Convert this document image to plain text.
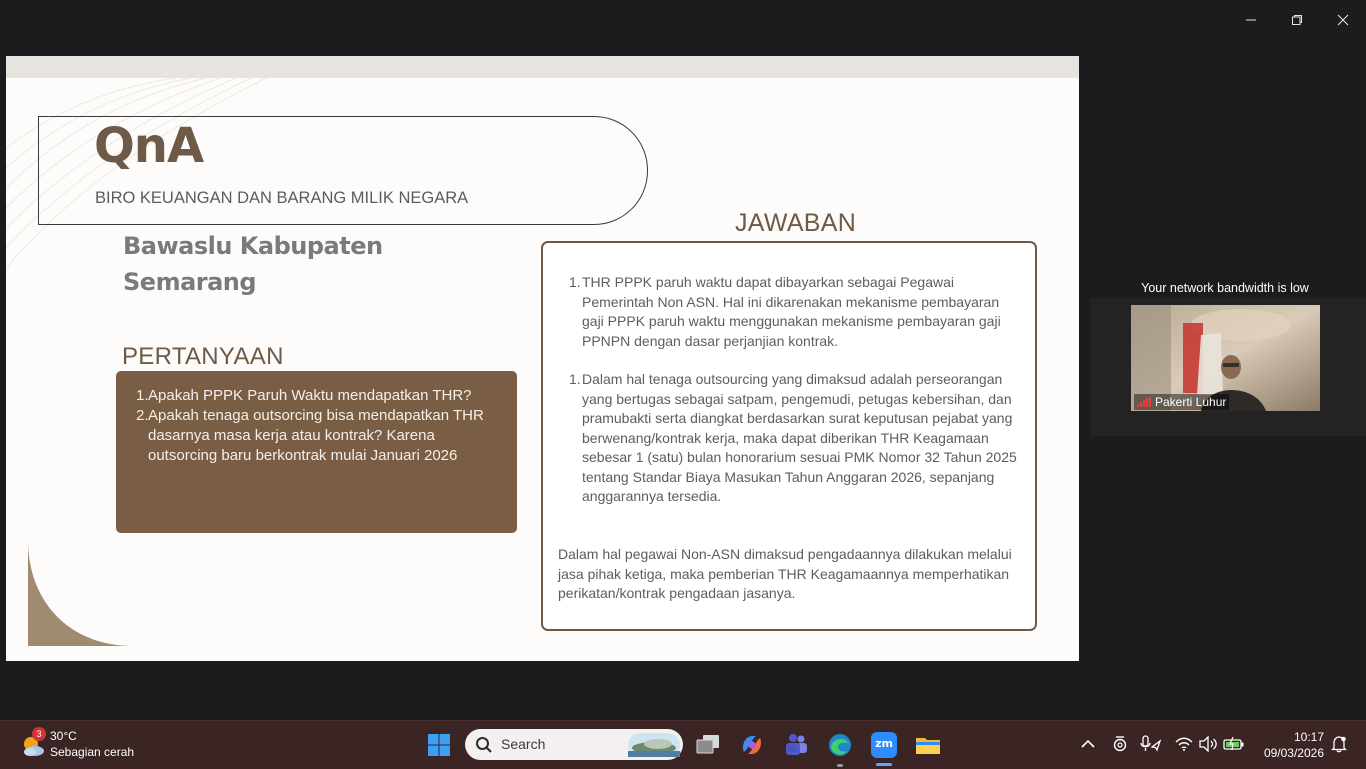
QnA
BIRO KEUANGAN DAN BARANG MILIK NEGARA
Bawaslu Kabupaten
Semarang
PERTANYAAN
1. Apakah PPPK Paruh Waktu mendapatkan THR?
2. Apakah tenaga outsorcing bisa mendapatkan THR dasarnya masa kerja atau kontrak? Karena outsorcing baru berkontrak mulai Januari 2026
JAWABAN
1. THR PPPK paruh waktu dapat dibayarkan sebagai Pegawai Pemerintah Non ASN. Hal ini dikarenakan mekanisme pembayaran gaji PPPK paruh waktu menggunakan mekanisme pembayaran gaji PPNPN dengan dasar perjanjian kontrak.
1. Dalam hal tenaga outsourcing yang dimaksud adalah perseorangan yang bertugas sebagai satpam, pengemudi, petugas kebersihan, dan pramubakti serta diangkat berdasarkan surat keputusan pejabat yang berwenang/kontrak kerja, maka dapat diberikan THR Keagamaan sebesar 1 (satu) bulan honorarium sesuai PMK Nomor 32 Tahun 2025 tentang Standar Biaya Masukan Tahun Anggaran 2026, sepanjang anggarannya tersedia.
Dalam hal pegawai Non-ASN dimaksud pengadaannya dilakukan melalui jasa pihak ketiga, maka pemberian THR Keagamaannya memperhatikan perikatan/kontrak pengadaan jasanya.
Your network bandwidth is low
Pakerti Luhur
3 30°C
Sebagian cerah	Search	zm	10:17
09/03/2026
